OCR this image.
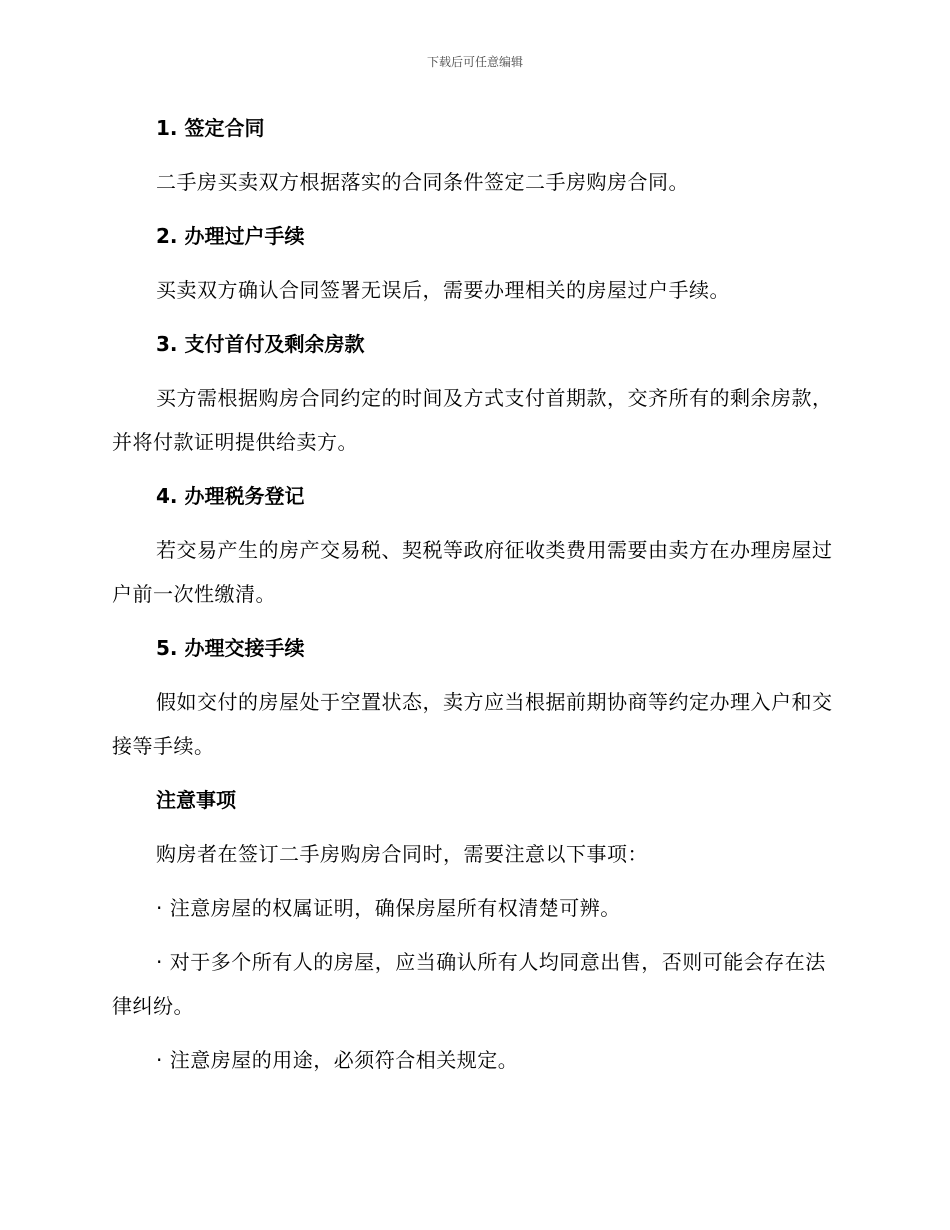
下载后可任意编辑
1. 签定合同

二手房买卖双方根据落实的合同条件签定二手房购房合同。

2. 办理过户手续

买卖双方确认合同签署无误后，需要办理相关的房屋过户手续。

3. 支付首付及剩余房款

买方需根据购房合同约定的时间及方式支付首期款，交齐所有的剩余房款，并将付款证明提供给卖方。

4. 办理税务登记

若交易产生的房产交易税、契税等政府征收类费用需要由卖方在办理房屋过户前一次性缴清。

5. 办理交接手续

假如交付的房屋处于空置状态，卖方应当根据前期协商等约定办理入户和交接等手续。

注意事项

购房者在签订二手房购房合同时，需要注意以下事项：

· 注意房屋的权属证明，确保房屋所有权清楚可辨。

· 对于多个所有人的房屋，应当确认所有人均同意出售，否则可能会存在法律纠纷。

· 注意房屋的用途，必须符合相关规定。
